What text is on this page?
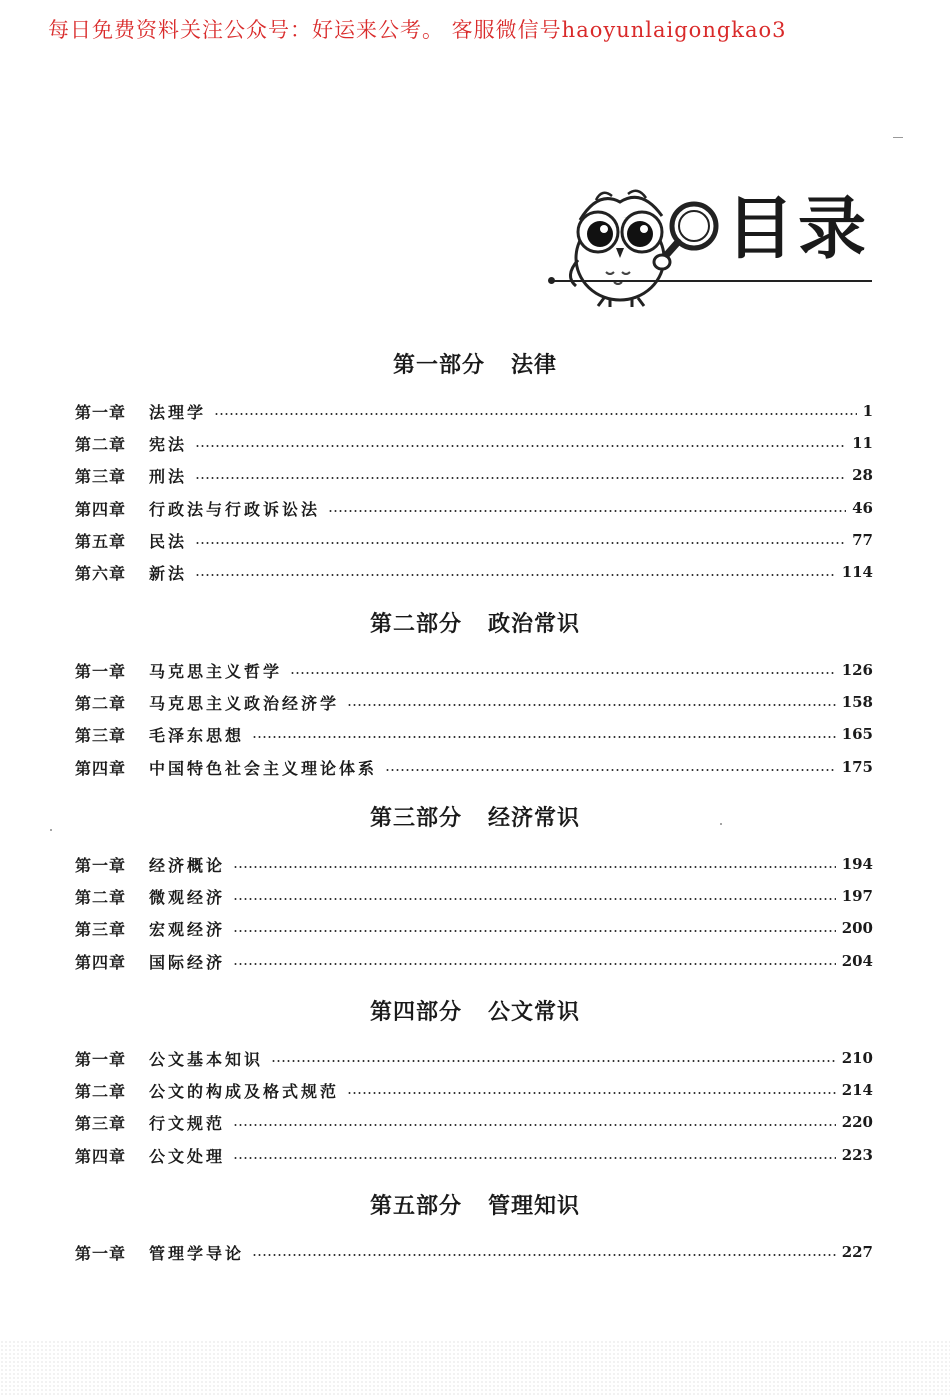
每日免费资料关注公众号：好运来公考。 客服微信号haoyunlaigongkao3
目录
第一部分 法律
第一章	法理学	1
第二章	宪法	11
第三章	刑法	28
第四章	行政法与行政诉讼法	46
第五章	民法	77
第六章	新法	114
第二部分 政治常识
第一章	马克思主义哲学	126
第二章	马克思主义政治经济学	158
第三章	毛泽东思想	165
第四章	中国特色社会主义理论体系	175
第三部分 经济常识
第一章	经济概论	194
第二章	微观经济	197
第三章	宏观经济	200
第四章	国际经济	204
第四部分 公文常识
第一章	公文基本知识	210
第二章	公文的构成及格式规范	214
第三章	行文规范	220
第四章	公文处理	223
第五部分 管理知识
第一章	管理学导论	227
